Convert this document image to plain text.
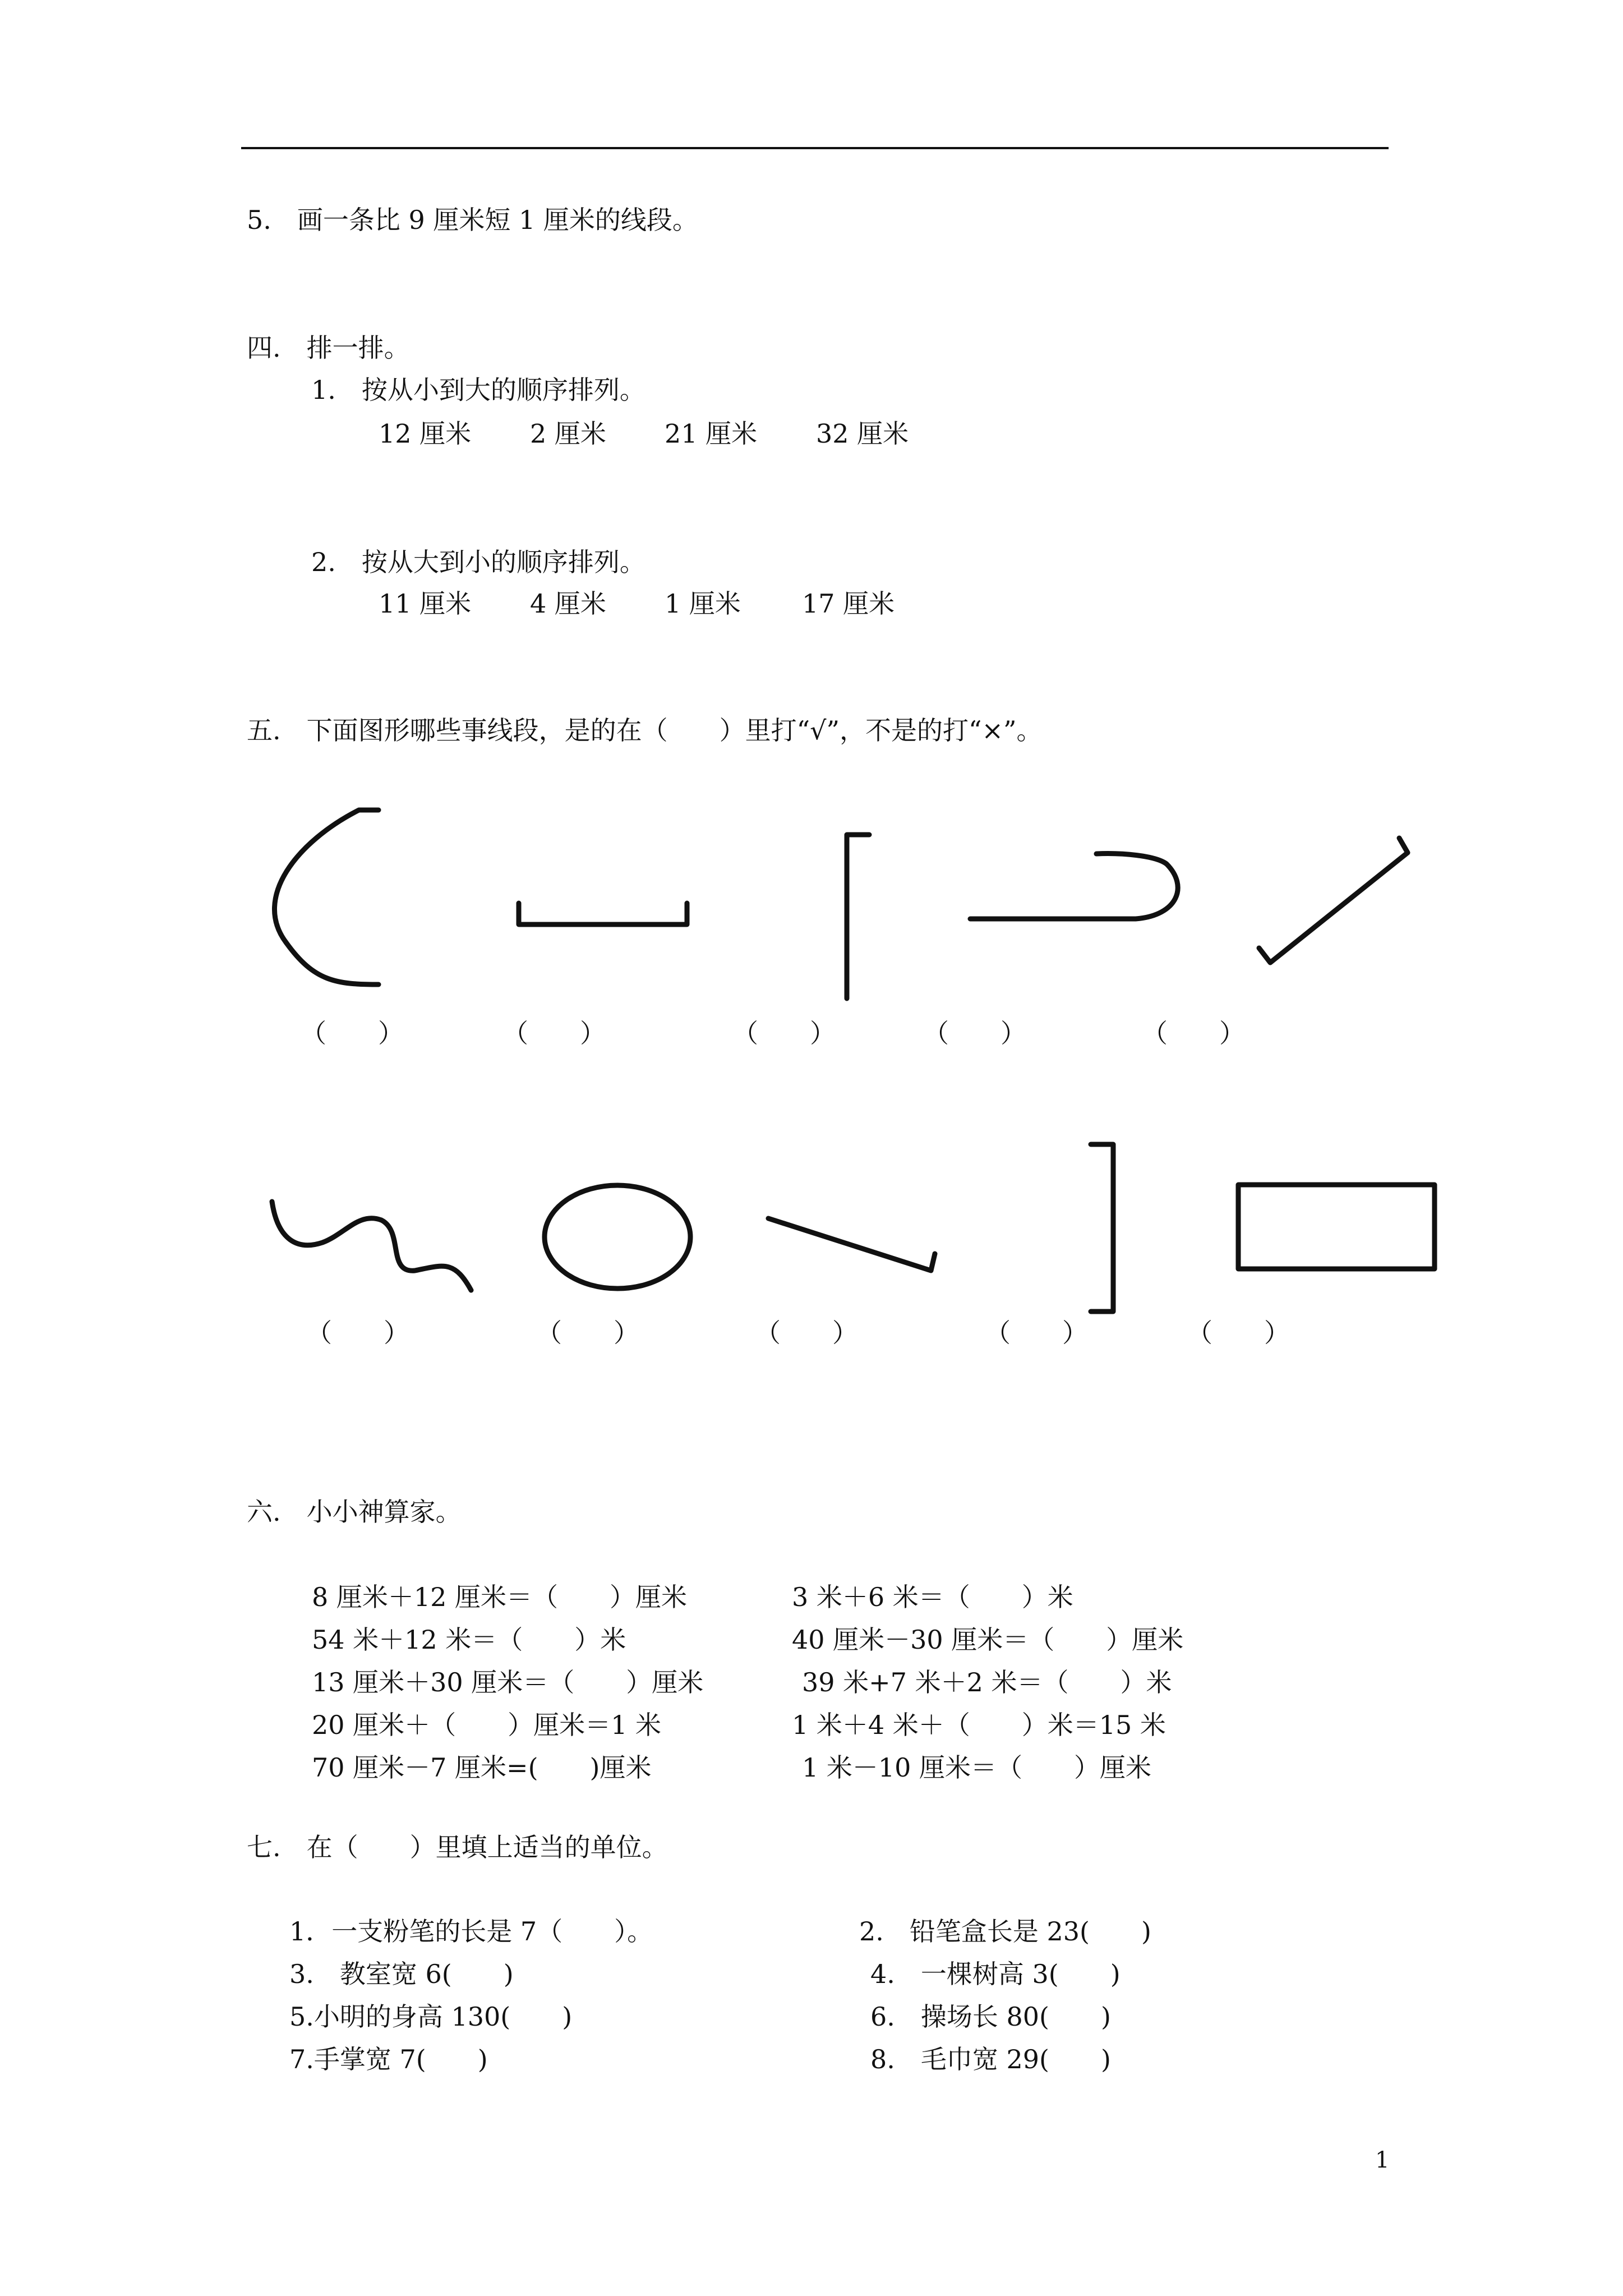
5.　画一条比 9 厘米短 1 厘米的线段。
四.　排一排。
1.　按从小到大的顺序排列。
12 厘米 2 厘米 21 厘米 32 厘米
2.　按从大到小的顺序排列。
11 厘米 4 厘米 1 厘米 17 厘米
五.　下面图形哪些事线段，是的在（　　）里打“√”，不是的打“×”。
（　　）	（　　）	（　　）	（　　）	（　　）
（　　）	（　　）	（　　）	（　　）	（　　）
六.　小小神算家。
8 厘米＋12 厘米＝（　　）厘米
54 米＋12 米＝（　　）米
13 厘米＋30 厘米＝（　　）厘米
20 厘米＋（　　）厘米＝1 米
70 厘米－7 厘米=(　　)厘米
3 米＋6 米＝（　　）米
40 厘米－30 厘米＝（　　）厘米
39 米+7 米＋2 米＝（　　）米
1 米＋4 米＋（　　）米＝15 米
1 米－10 厘米＝（　　）厘米
七.　在（　　）里填上适当的单位。
1．一支粉笔的长是 7（　　）。
3.　教室宽 6(　　)
5.小明的身高 130(　　)
7.手掌宽 7(　　)
2.　铅笔盒长是 23(　　)
4.　一棵树高 3(　　)
6.　操场长 80(　　)
8.　毛巾宽 29(　　)
1
